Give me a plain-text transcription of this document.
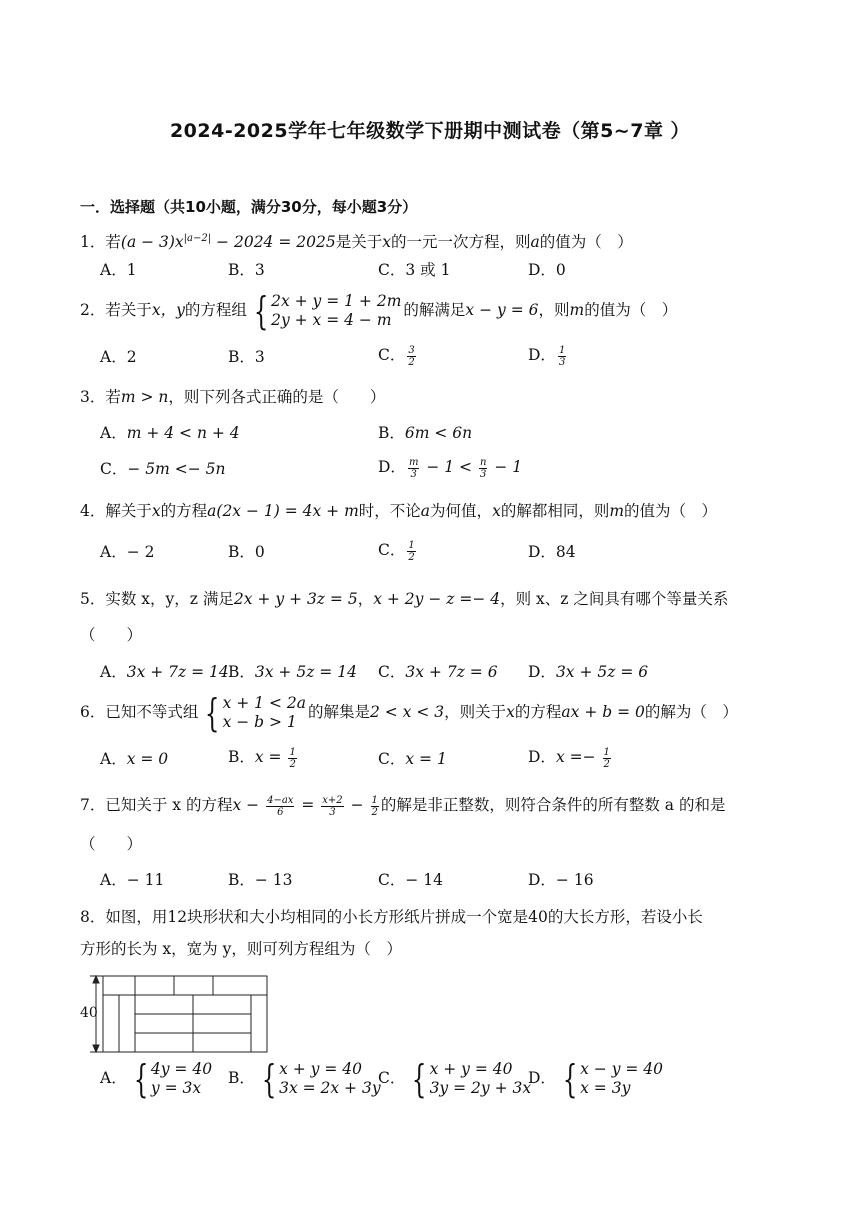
2024-2025学年七年级数学下册期中测试卷（第5~7章 ）
一．选择题（共10小题，满分30分，每小题3分）
1．若$(a - 3)x^{|a-2|} - 2024 = 2025$是关于x的一元一次方程，则a的值为（　）
A．1	B．3	C．3 或 1	D．0
2．若关于x，y的方程组 { 2x + y = 1 + 2m
2y + x = 4 − m
的解满足x − y = 6，则m的值为（　）
A．2	B．3	C． $\frac{3}{2}$	D． $\frac{1}{3}$
3．若m > n，则下列各式正确的是（　　）
A．m + 4 < n + 4	B．6m < 6n
C．− 5m <− 5n	D． $\frac{m}{3} - 1 < \frac{n}{3} - 1$
4．解关于x的方程a(2x − 1) = 4x + m时，不论a为何值，x的解都相同，则m的值为（　）
A．− 2	B．0	C． $\frac{1}{2}$	D．84
5．实数 x，y，z 满足2x + y + 3z = 5，x + 2y − z =− 4，则 x、z 之间具有哪个等量关系
（　　）
A．3x + 7z = 14 B．3x + 5z = 14 C．3x + 7z = 6 D．3x + 5z = 6
6．已知不等式组 { x + 1 < 2a
x − b > 1
的解集是2 < x < 3，则关于x的方程ax + b = 0的解为（　）
A．x = 0	B．$x = \frac{1}{2}$	C．x = 1	D．$x =- \frac{1}{2}$
7．已知关于 x 的方程$x - \frac{4-ax}{6} = \frac{x+2}{3} - \frac{1}{2}$ 的解是非正整数，则符合条件的所有整数 a 的和是
（　　）
A．− 11	B．− 13	C．− 14	D．− 16
8．如图，用12块形状和大小均相同的小长方形纸片拼成一个宽是40的大长方形，若设小长
方形的长为 x，宽为 y，则可列方程组为（　）
40
A． { 4y = 40
y = 3x
B． { x + y = 40
3x = 2x + 3y
C． { x + y = 40
3y = 2y + 3x
D． { x − y = 40
x = 3y
